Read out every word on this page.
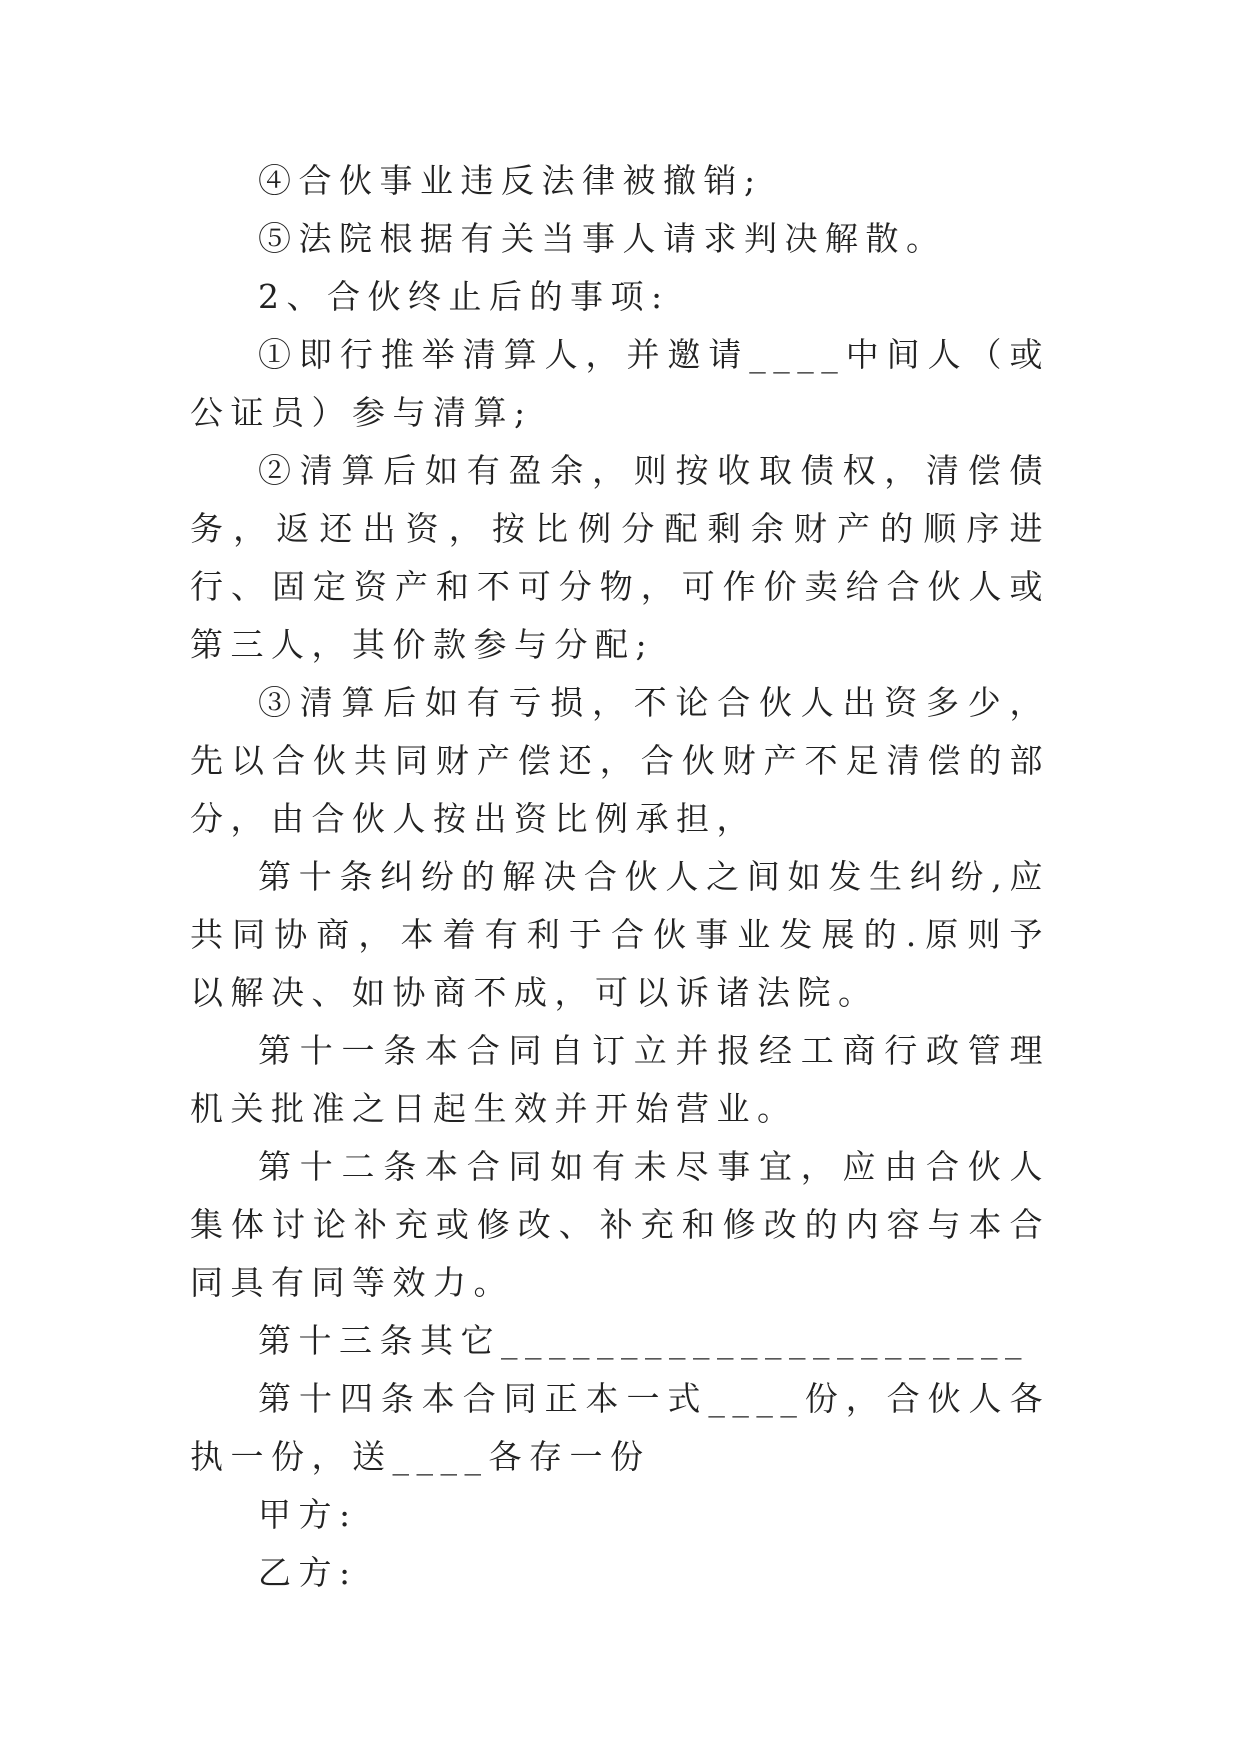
④合伙事业违反法律被撤销;

⑤法院根据有关当事人请求判决解散。

2、合伙终止后的事项:

①即行推举清算人，并邀请____中间人（或公证员）参与清算;

②清算后如有盈余，则按收取债权，清偿债务，返还出资，按比例分配剩余财产的顺序进行、固定资产和不可分物，可作价卖给合伙人或第三人，其价款参与分配;

③清算后如有亏损，不论合伙人出资多少，先以合伙共同财产偿还，合伙财产不足清偿的部分，由合伙人按出资比例承担，

第十条纠纷的解决合伙人之间如发生纠纷,应共同协商，本着有利于合伙事业发展的.原则予以解决、如协商不成，可以诉诸法院。

第十一条本合同自订立并报经工商行政管理机关批准之日起生效并开始营业。

第十二条本合同如有未尽事宜，应由合伙人集体讨论补充或修改、补充和修改的内容与本合同具有同等效力。

第十三条其它______________________

第十四条本合同正本一式____份，合伙人各执一份，送____各存一份

甲方:

乙方:
